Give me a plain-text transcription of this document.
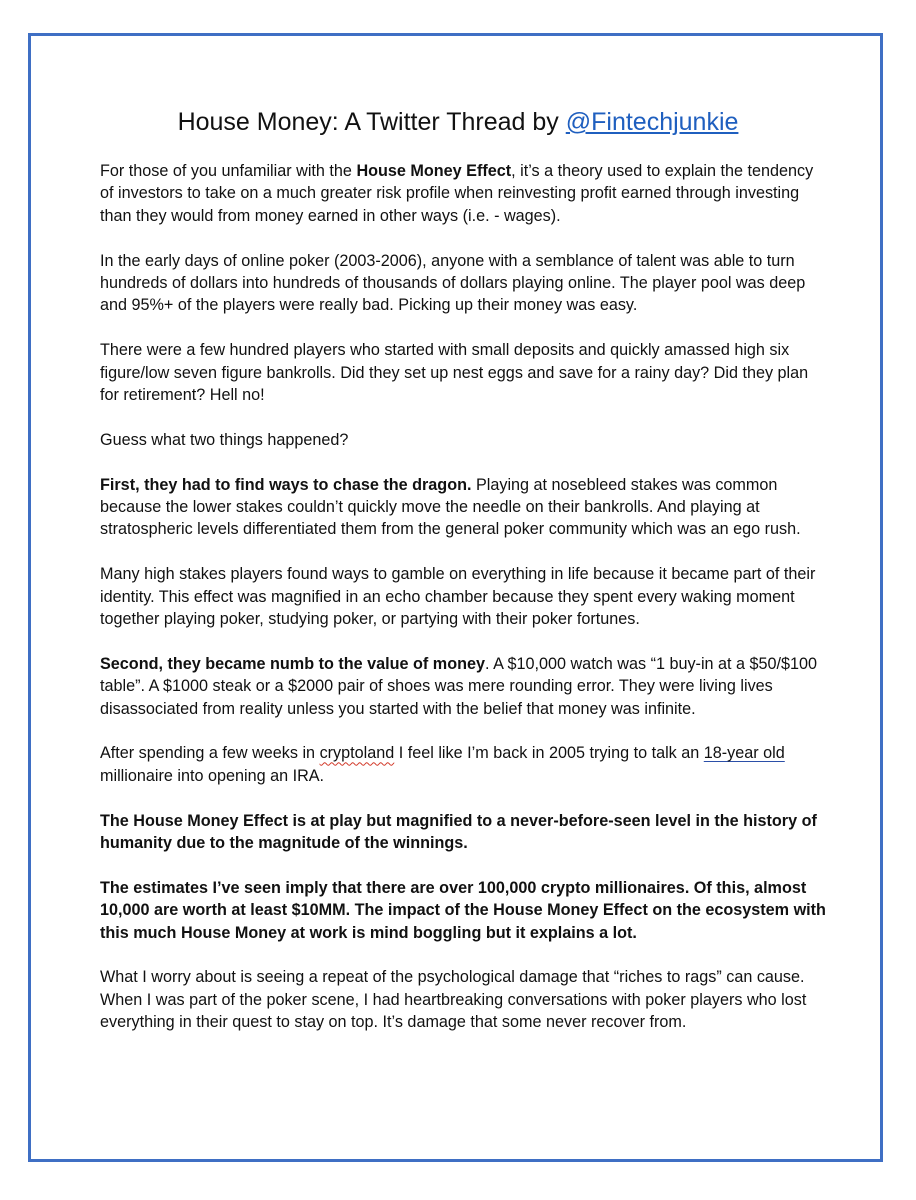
House Money: A Twitter Thread by @Fintechjunkie

For those of you unfamiliar with the House Money Effect, it’s a theory used to explain the tendency of investors to take on a much greater risk profile when reinvesting profit earned through investing than they would from money earned in other ways (i.e. - wages).

In the early days of online poker (2003-2006), anyone with a semblance of talent was able to turn hundreds of dollars into hundreds of thousands of dollars playing online. The player pool was deep and 95%+ of the players were really bad. Picking up their money was easy.

There were a few hundred players who started with small deposits and quickly amassed high six figure/low seven figure bankrolls. Did they set up nest eggs and save for a rainy day? Did they plan for retirement? Hell no!

Guess what two things happened?

First, they had to find ways to chase the dragon. Playing at nosebleed stakes was common because the lower stakes couldn’t quickly move the needle on their bankrolls. And playing at stratospheric levels differentiated them from the general poker community which was an ego rush.

Many high stakes players found ways to gamble on everything in life because it became part of their identity. This effect was magnified in an echo chamber because they spent every waking moment together playing poker, studying poker, or partying with their poker fortunes.

Second, they became numb to the value of money. A $10,000 watch was “1 buy-in at a $50/$100 table”. A $1000 steak or a $2000 pair of shoes was mere rounding error. They were living lives disassociated from reality unless you started with the belief that money was infinite.

After spending a few weeks in cryptoland I feel like I’m back in 2005 trying to talk an 18-year old millionaire into opening an IRA.

The House Money Effect is at play but magnified to a never-before-seen level in the history of humanity due to the magnitude of the winnings.

The estimates I’ve seen imply that there are over 100,000 crypto millionaires. Of this, almost 10,000 are worth at least $10MM. The impact of the House Money Effect on the ecosystem with this much House Money at work is mind boggling but it explains a lot.

What I worry about is seeing a repeat of the psychological damage that “riches to rags” can cause. When I was part of the poker scene, I had heartbreaking conversations with poker players who lost everything in their quest to stay on top. It’s damage that some never recover from.
